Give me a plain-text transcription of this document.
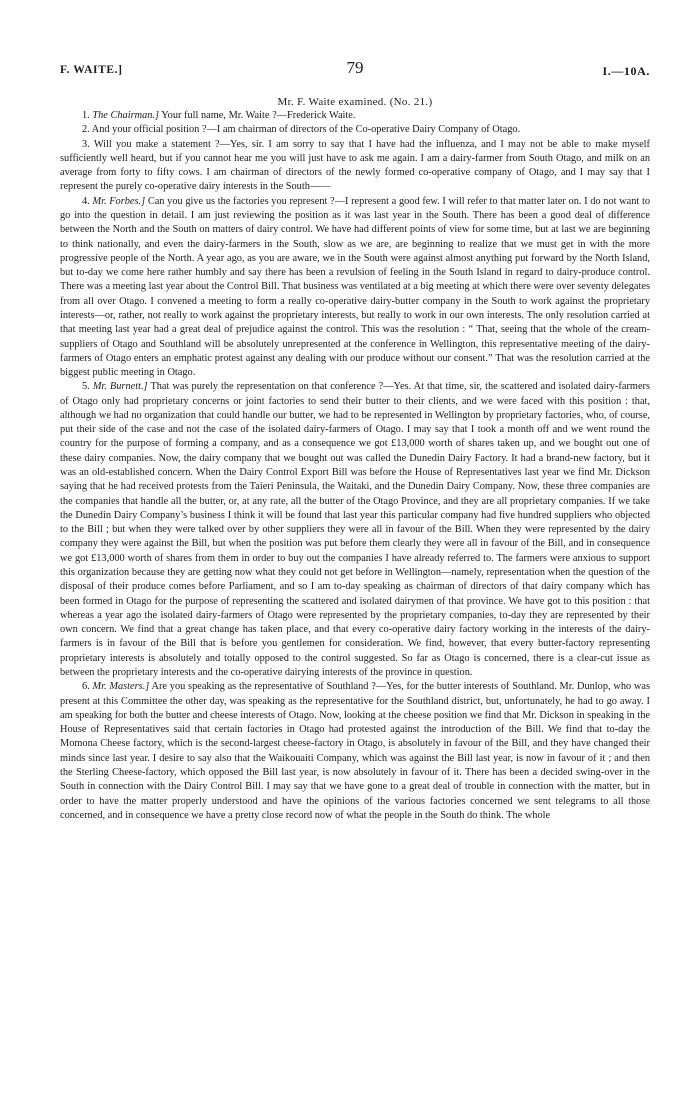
F. WAITE.]	79	I.—10A.
Mr. F. Waite examined. (No. 21.)

1. The Chairman.] Your full name, Mr. Waite ?—Frederick Waite.

2. And your official position ?—I am chairman of directors of the Co-operative Dairy Company of Otago.

3. Will you make a statement ?—Yes, sir. I am sorry to say that I have had the influenza, and I may not be able to make myself sufficiently well heard, but if you cannot hear me you will just have to ask me again. I am a dairy-farmer from South Otago, and milk on an average from forty to fifty cows. I am chairman of directors of the newly formed co-operative company of Otago, and I may say that I represent the purely co-operative dairy interests in the South——

4. Mr. Forbes.] Can you give us the factories you represent ?—I represent a good few. I will refer to that matter later on. I do not want to go into the question in detail. I am just reviewing the position as it was last year in the South. There has been a good deal of difference between the North and the South on matters of dairy control. We have had different points of view for some time, but at last we are beginning to think nationally, and even the dairy-farmers in the South, slow as we are, are beginning to realize that we must get in with the more progressive people of the North. A year ago, as you are aware, we in the South were against almost anything put forward by the North Island, but to-day we come here rather humbly and say there has been a revulsion of feeling in the South Island in regard to dairy-produce control. There was a meeting last year about the Control Bill. That business was ventilated at a big meeting at which there were over seventy delegates from all over Otago. I convened a meeting to form a really co-operative dairy-butter company in the South to work against the proprietary interests—or, rather, not really to work against the proprietary interests, but really to work in our own interests. The only resolution carried at that meeting last year had a great deal of prejudice against the control. This was the resolution : “ That, seeing that the whole of the cream-suppliers of Otago and Southland will be absolutely unrepresented at the conference in Wellington, this representative meeting of the dairy-farmers of Otago enters an emphatic protest against any dealing with our produce without our consent.” That was the resolution carried at the biggest public meeting in Otago.

5. Mr. Burnett.] That was purely the representation on that conference ?—Yes. At that time, sir, the scattered and isolated dairy-farmers of Otago only had proprietary concerns or joint factories to send their butter to their clients, and we were faced with this position : that, although we had no organization that could handle our butter, we had to be represented in Wellington by proprietary factories, who, of course, put their side of the case and not the case of the isolated dairy-farmers of Otago. I may say that I took a month off and we went round the country for the purpose of forming a company, and as a consequence we got £13,000 worth of shares taken up, and we bought out one of these dairy companies. Now, the dairy company that we bought out was called the Dunedin Dairy Factory. It had a brand-new factory, but it was an old-established concern. When the Dairy Control Export Bill was before the House of Representatives last year we find Mr. Dickson saying that he had received protests from the Taieri Peninsula, the Waitaki, and the Dunedin Dairy Company. Now, these three companies are the companies that handle all the butter, or, at any rate, all the butter of the Otago Province, and they are all proprietary companies. If we take the Dunedin Dairy Company’s business I think it will be found that last year this particular company had five hundred suppliers who objected to the Bill ; but when they were talked over by other suppliers they were all in favour of the Bill. When they were represented by the dairy company they were against the Bill, but when the position was put before them clearly they were all in favour of the Bill, and in consequence we got £13,000 worth of shares from them in order to buy out the companies I have already referred to. The farmers were anxious to support this organization because they are getting now what they could not get before in Wellington—namely, representation when the question of the disposal of their produce comes before Parliament, and so I am to-day speaking as chairman of directors of that dairy company which has been formed in Otago for the purpose of representing the scattered and isolated dairymen of that province. We have got to this position : that whereas a year ago the isolated dairy-farmers of Otago were represented by the proprietary companies, to-day they are represented by their own concern. We find that a great change has taken place, and that every co-operative dairy factory working in the interests of the dairy-farmers is in favour of the Bill that is before you gentlemen for consideration. We find, however, that every butter-factory representing proprietary interests is absolutely and totally opposed to the control suggested. So far as Otago is concerned, there is a clear-cut issue as between the proprietary interests and the co-operative dairying interests of the province in question.

6. Mr. Masters.] Are you speaking as the representative of Southland ?—Yes, for the butter interests of Southland. Mr. Dunlop, who was present at this Committee the other day, was speaking as the representative for the Southland district, but, unfortunately, he had to go away. I am speaking for both the butter and cheese interests of Otago. Now, looking at the cheese position we find that Mr. Dickson in speaking in the House of Representatives said that certain factories in Otago had protested against the introduction of the Bill. We find that to-day the Momona Cheese factory, which is the second-largest cheese-factory in Otago, is absolutely in favour of the Bill, and they have changed their minds since last year. I desire to say also that the Waikouaiti Company, which was against the Bill last year, is now in favour of it ; and then the Sterling Cheese-factory, which opposed the Bill last year, is now absolutely in favour of it. There has been a decided swing-over in the South in connection with the Dairy Control Bill. I may say that we have gone to a great deal of trouble in connection with the matter, but in order to have the matter properly understood and have the opinions of the various factories concerned we sent telegrams to all those concerned, and in consequence we have a pretty close record now of what the people in the South do think. The whole
